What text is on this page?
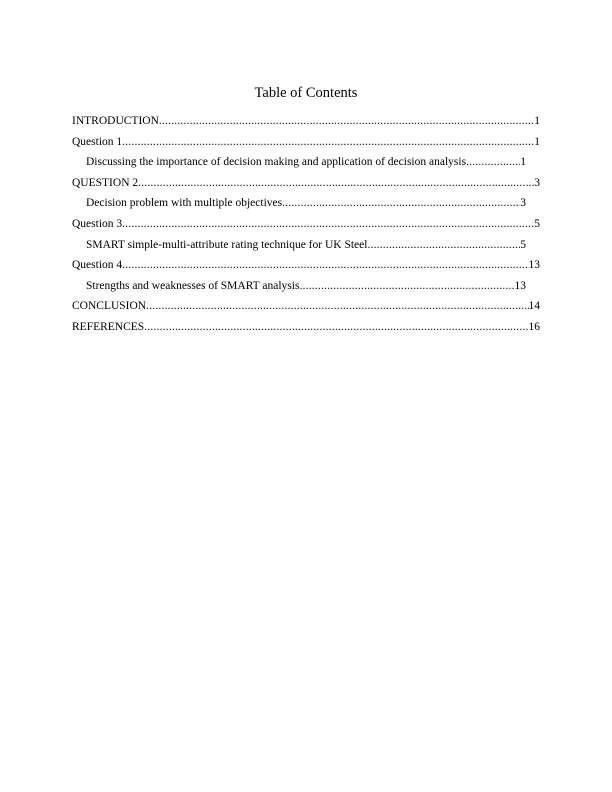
Table of Contents
INTRODUCTION .....	1
Question 1 .....	1
Discussing the importance of decision making and application of decision analysis .....	1
QUESTION 2 .....	3
Decision problem with multiple objectives .....	3
Question 3 .....	5
SMART simple-multi-attribute rating technique for UK Steel .....	5
Question 4 .....	13
Strengths and weaknesses of SMART analysis .....	13
CONCLUSION .....	14
REFERENCES .....	16
